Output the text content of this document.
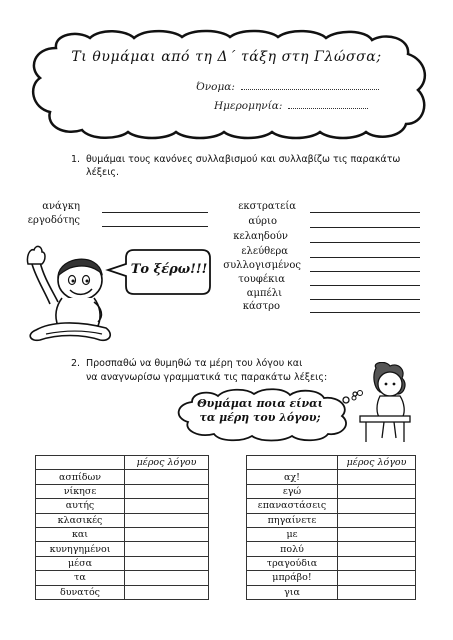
Τι θυμάμαι από τη Δ΄ τάξη στη Γλώσσα;
Όνομα:
Ημερομηνία:
1. θυμάμαι τους κανόνες συλλαβισμού και συλλαβίζω τις παρακάτω
λέξεις.
ανάγκη
εργοδότης
εκστρατεία
αύριο
κελαηδούν
ελεύθερα
συλλογισμένος
τουφέκια
αμπέλι
κάστρο
Το ξέρω!!!
2. Προσπαθώ να θυμηθώ τα μέρη του λόγου και
να αναγνωρίσω γραμματικά τις παρακάτω λέξεις:
Θυμάμαι ποια είναι
τα μέρη του λόγου;
	μέρος λόγου
ασπίδων	
νίκησε	
αυτής	
κλασικές	
και	
κυνηγημένοι	
μέσα	
τα	
δυνατός	
	μέρος λόγου
αχ!	
εγώ	
επαναστάσεις	
πηγαίνετε	
με	
πολύ	
τραγούδια	
μπράβο!	
για	
